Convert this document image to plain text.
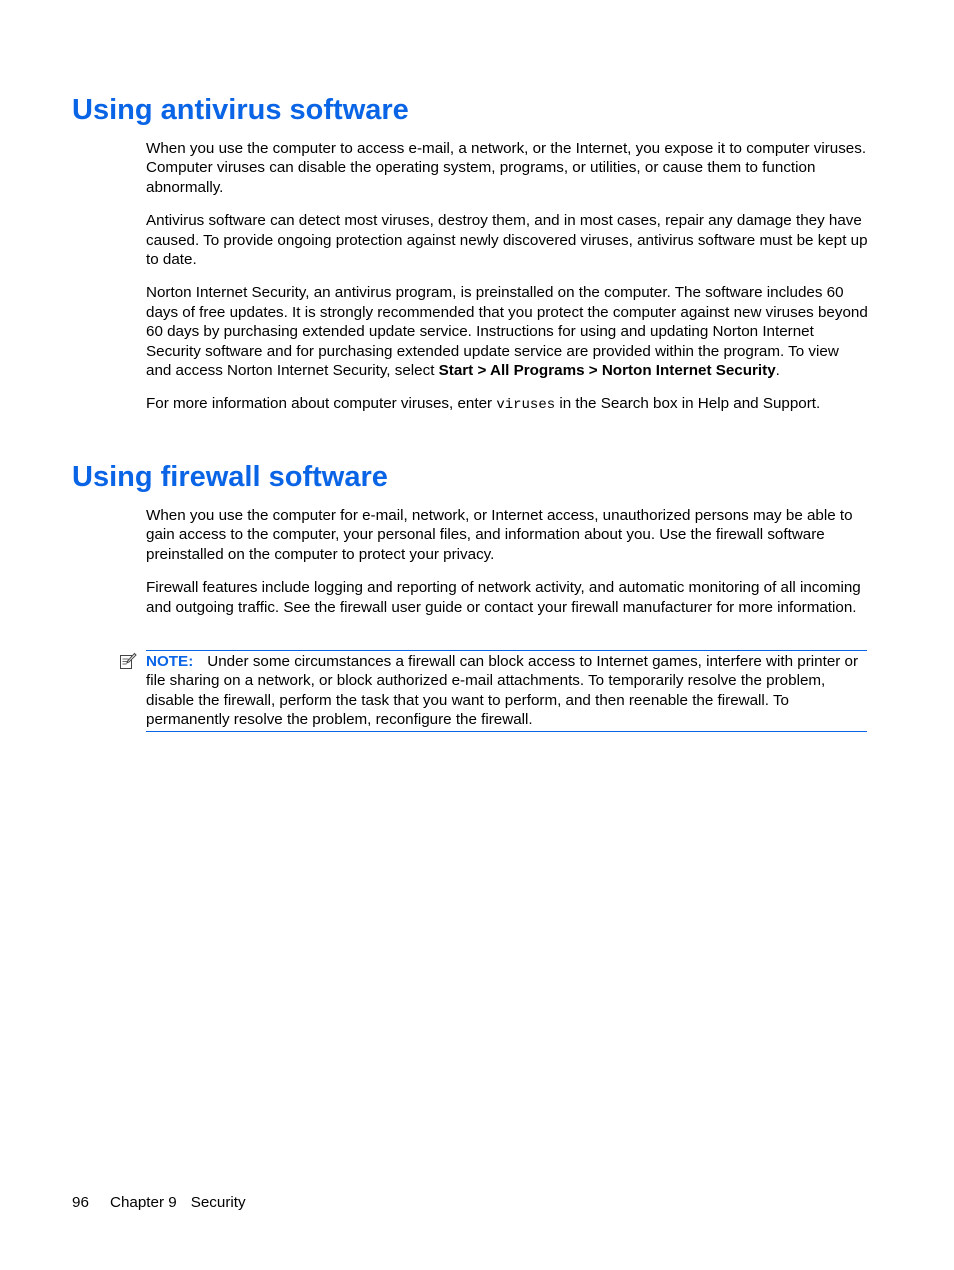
Using antivirus software

When you use the computer to access e-mail, a network, or the Internet, you expose it to computer viruses. Computer viruses can disable the operating system, programs, or utilities, or cause them to function abnormally.

Antivirus software can detect most viruses, destroy them, and in most cases, repair any damage they have caused. To provide ongoing protection against newly discovered viruses, antivirus software must be kept up to date.

Norton Internet Security, an antivirus program, is preinstalled on the computer. The software includes 60 days of free updates. It is strongly recommended that you protect the computer against new viruses beyond 60 days by purchasing extended update service. Instructions for using and updating Norton Internet Security software and for purchasing extended update service are provided within the program. To view and access Norton Internet Security, select Start > All Programs > Norton Internet Security.

For more information about computer viruses, enter viruses in the Search box in Help and Support.

Using firewall software

When you use the computer for e-mail, network, or Internet access, unauthorized persons may be able to gain access to the computer, your personal files, and information about you. Use the firewall software preinstalled on the computer to protect your privacy.

Firewall features include logging and reporting of network activity, and automatic monitoring of all incoming and outgoing traffic. See the firewall user guide or contact your firewall manufacturer for more information.

NOTE: Under some circumstances a firewall can block access to Internet games, interfere with printer or file sharing on a network, or block authorized e-mail attachments. To temporarily resolve the problem, disable the firewall, perform the task that you want to perform, and then reenable the firewall. To permanently resolve the problem, reconfigure the firewall.
96 Chapter 9 Security
